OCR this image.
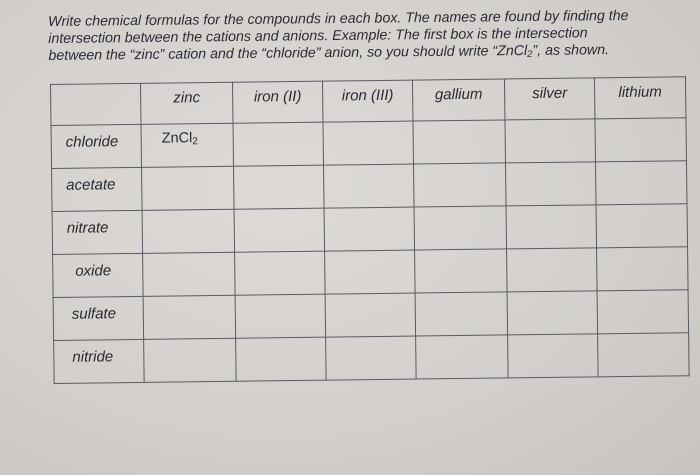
Write chemical formulas for the compounds in each box. The names are found by finding the

intersection between the cations and anions. Example: The first box is the intersection

between the “zinc” cation and the “chloride” anion, so you should write “ZnCl₂”, as shown.

	zinc	iron (II)	iron (III)	gallium	silver	lithium

chloride	ZnCl$_2$

acetate						

nitrate						

oxide						

sulfate						

nitride						
